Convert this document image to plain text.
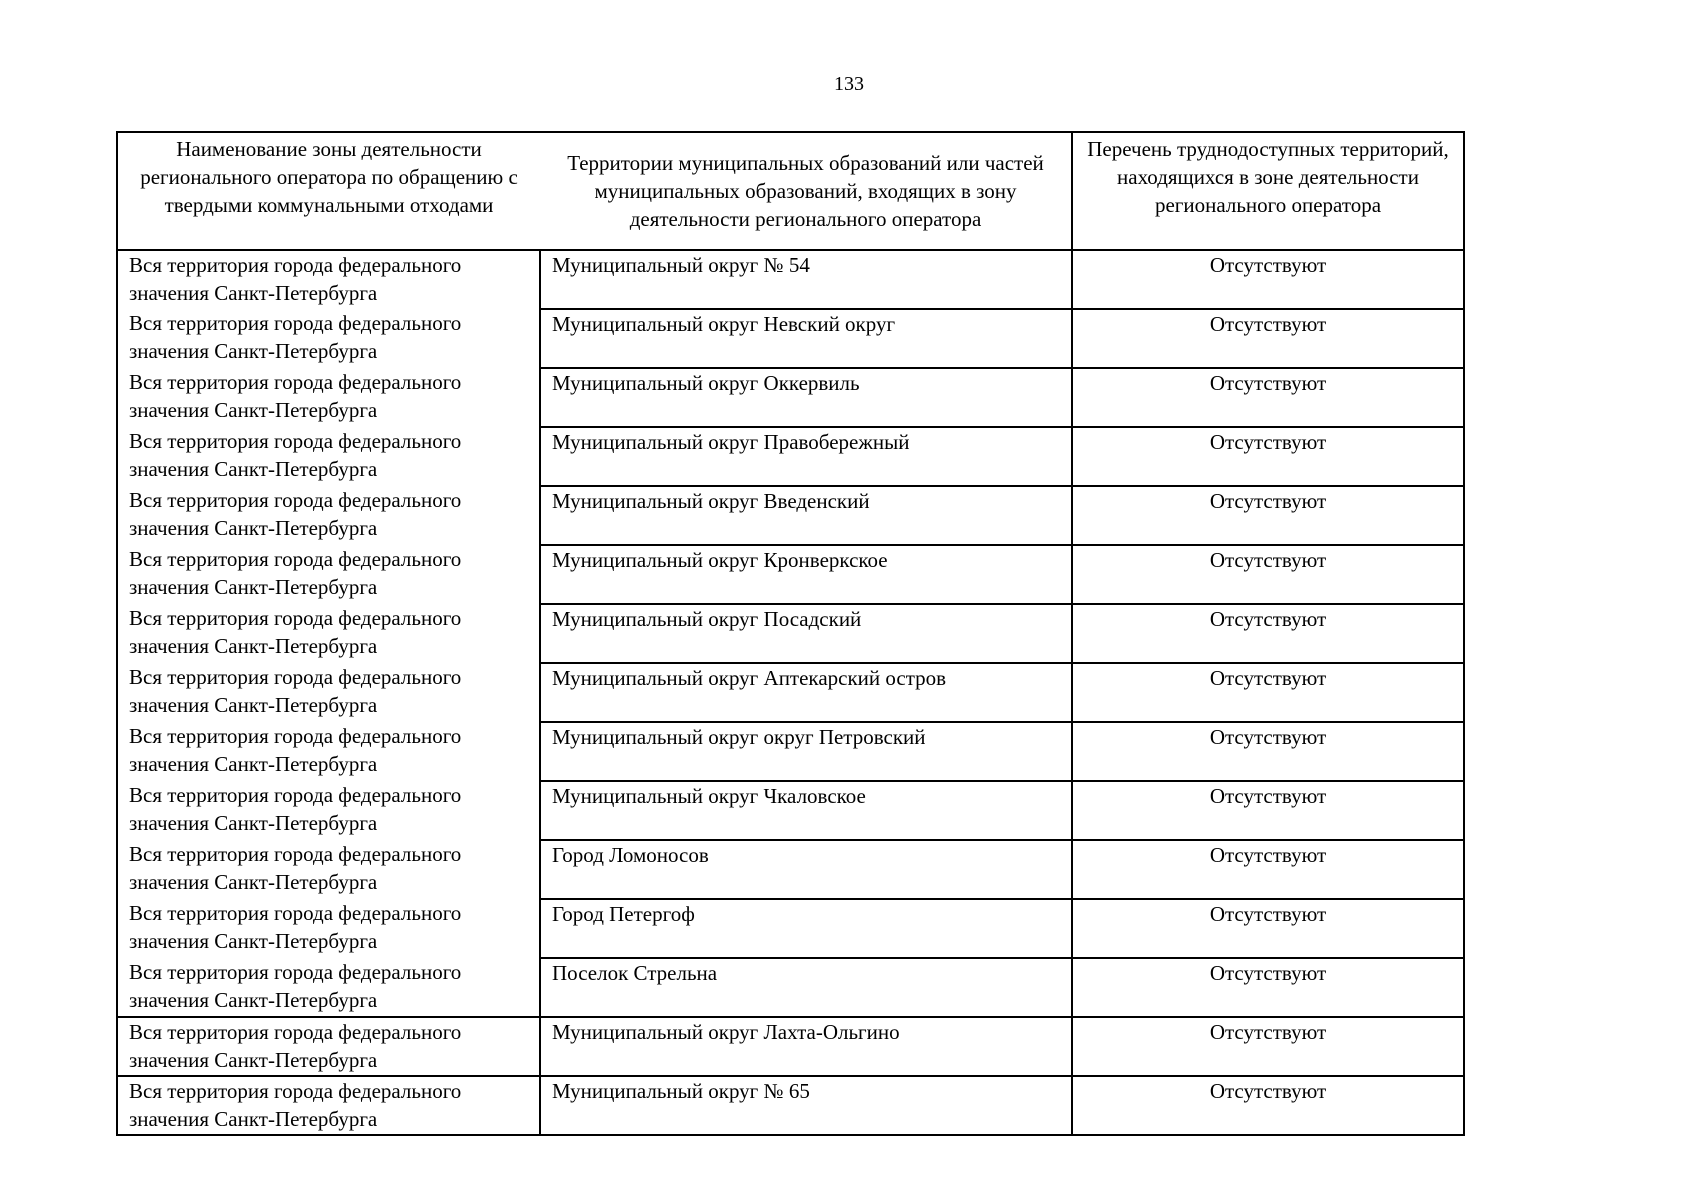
133
Наименование зоны деятельности регионального оператора по обращению с твердыми коммунальными отходами	Территории муниципальных образований или частей муниципальных образований, входящих в зону деятельности регионального оператора	Перечень труднодоступных территорий, находящихся в зоне деятельности регионального оператора
Вся территория города федерального значения Санкт-Петербурга	Муниципальный округ № 54	Отсутствуют
Вся территория города федерального значения Санкт-Петербурга	Муниципальный округ Невский округ	Отсутствуют
Вся территория города федерального значения Санкт-Петербурга	Муниципальный округ Оккервиль	Отсутствуют
Вся территория города федерального значения Санкт-Петербурга	Муниципальный округ Правобережный	Отсутствуют
Вся территория города федерального значения Санкт-Петербурга	Муниципальный округ Введенский	Отсутствуют
Вся территория города федерального значения Санкт-Петербурга	Муниципальный округ Кронверкское	Отсутствуют
Вся территория города федерального значения Санкт-Петербурга	Муниципальный округ Посадский	Отсутствуют
Вся территория города федерального значения Санкт-Петербурга	Муниципальный округ Аптекарский остров	Отсутствуют
Вся территория города федерального значения Санкт-Петербурга	Муниципальный округ округ Петровский	Отсутствуют
Вся территория города федерального значения Санкт-Петербурга	Муниципальный округ Чкаловское	Отсутствуют
Вся территория города федерального значения Санкт-Петербурга	Город Ломоносов	Отсутствуют
Вся территория города федерального значения Санкт-Петербурга	Город Петергоф	Отсутствуют
Вся территория города федерального значения Санкт-Петербурга	Поселок Стрельна	Отсутствуют
Вся территория города федерального значения Санкт-Петербурга	Муниципальный округ Лахта-Ольгино	Отсутствуют
Вся территория города федерального значения Санкт-Петербурга	Муниципальный округ № 65	Отсутствуют
